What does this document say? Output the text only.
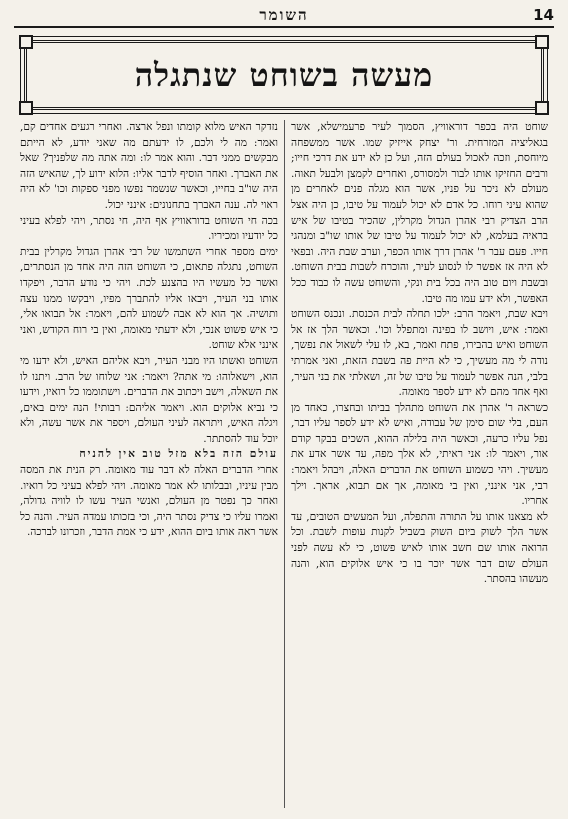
14
השומר
מעשה בשוחט שנתגלה

שוחט היה בכפר דוראוויץ, הסמוך לעיר פרעמישלא, אשר בגאליציה המזרחית. ור' יצחק אייזיק שמו. אשר ממשפחה מיוחסת, וזכה לאכול בעולם הזה, ועל כן לא ידע את דרכי חייו; ורבים החזיקו אותו לבור ולמסורס, ואחרים לקמצן ולבעל תאוה. מעולם לא ניכר על פניו, אשר הוא מגלה פנים לאחרים מן שהוא עיני רוחו. כל אדם לא יכול לעמוד על טיבו, כן היה אצל הרב הצדיק רבי אהרן הגדול מקרלין, שהכיר בטיבו של איש בראיה בעלמא, לא יכול לעמוד על טיבו של אותו שו"ב ומנהגי חייו. פעם עבר ר' אהרן דרך אותו הכפר, וערב שבת היה. ובפאי לא היה אז אפשר לו לנסוע לעיר, והוכרח לשבות בבית השוחט. ובשבת ויום טוב היה בכל בית ונקי, והשוחט עשה לו כבוד ככל האפשר, ולא ידע עמו מה טיבו.

ויבא שבת, ויאמר הרב: ילכו תחלה לבית הכנסת. ונכנס השוחט ואמר: איש, ויושב לו בפינה ומתפלל וכו'. וכאשר הלך אז אל השוחט ואיש בהבירו, פתח ואמר, בא, לו עלי לשאול את נפשך, נודה לי מה מעשיך, כי לא היית פה בשבת הזאת, ואני אמרתי בלבי, הנה אפשר לעמוד על טיבו של זה, ושאלתי את בני העיר, ואף אחד מהם לא ידע לספר מאומה.

כשראה ר' אהרן את השוחט מתהלך בביתו ובחצרו, כאחד מן העם, בלי שום סימן של עבודה, ואיש לא ידע לספר עליו דבר, נפל עליו כרעה, וכאשר היה בלילה ההוא, השכים בבקר קודם אור, ויאמר לו: אני ראיתי, לא אלך מפה, עד אשר אדע את מעשיך. ויהי כשמוע השוחט את הדברים האלה, ויבהל ויאמר: רבי, אני אינני, ואין בי מאומה, אך אם תבוא, אראך. וילך אחריו.

לא מצאנו אותו על התורה והתפלה, ועל המעשים הטובים, עד אשר הלך לשוק ביום השוק בשביל לקנות עופות לשבת. וכל הרואה אותו שם חשב אותו לאיש פשוט, כי לא עשה לפני העולם שום דבר אשר יוכר בו כי איש אלוקים הוא, והנה מעשהו בהסתר.

נזדקר האיש מלוא קומתו ונפל ארצה. ואחרי רגעים אחדים קם, ואמר: מה לי ולכם, לו ידעתם מה שאני יודע, לא הייתם מבקשים ממני דבר. והוא אמר לו: ומה אתה מה שלפניך? שאל את האברך. ואחר הוסיף לדבר אליו: הלוא ידוע לך, שהאיש הזה היה שו"ב בחייו, וכאשר שנשמר נפשו מפני ספקות וכו' לא היה ראוי לה. ענה האברך בתחנונים: אינני יכול.

בכה חי השוחט בדוראוויץ אף היה, חי נסתר, ויהי לפלא בעיני כל יודעיו ומכיריו.

ימים מספר אחרי השתמשו של רבי אהרן הגדול מקרלין בבית השוחט, נתגלה פתאום, כי השוחט הזה היה אחד מן הנסתרים, ואשר כל מעשיו היו בהצנע לכת. ויהי כי נודע הדבר, ויפקדו אותו בני העיר, ויבאו אליו להתברך מפיו, ויבקשו ממנו עצה ותושיה. אך הוא לא אבה לשמוע להם, ויאמר: אל תבואו אלי, כי איש פשוט אנכי, ולא ידעתי מאומה, ואין בי רוח הקודש, ואני אינני אלא שוחט.

השוחט ואשתו היו מבני העיר, ויבא אליהם האיש, ולא ידעו מי הוא, וישאלוהו: מי אתה? ויאמר: אני שלוחו של הרב. ויתנו לו את השאלה, וישב ויכתוב את הדברים. וישתוממו כל רואיו, וידעו כי נביא אלוקים הוא. ויאמר אליהם: רבותי! הנה ימים באים, ויגלה האיש, ויתראה לעיני העולם, ויספר את אשר עשה, ולא יוכל עוד להסתתר.

עולם הזה בלא מזל טוב אין להניח

אחרי הדברים האלה לא דבר עוד מאומה. רק הנית את המסה מבין עיניו, ובבלותו לא אמר מאומה. ויהי לפלא בעיני כל רואיו. ואחר כך נפטר מן העולם, ואנשי העיר עשו לו לוויה גדולה, ואמרו עליו כי צדיק נסתר היה, וכי בזכותו עמדה העיר. והנה כל אשר ראה אותו ביום ההוא, ידע כי אמת הדבר, וזכרונו לברכה.
